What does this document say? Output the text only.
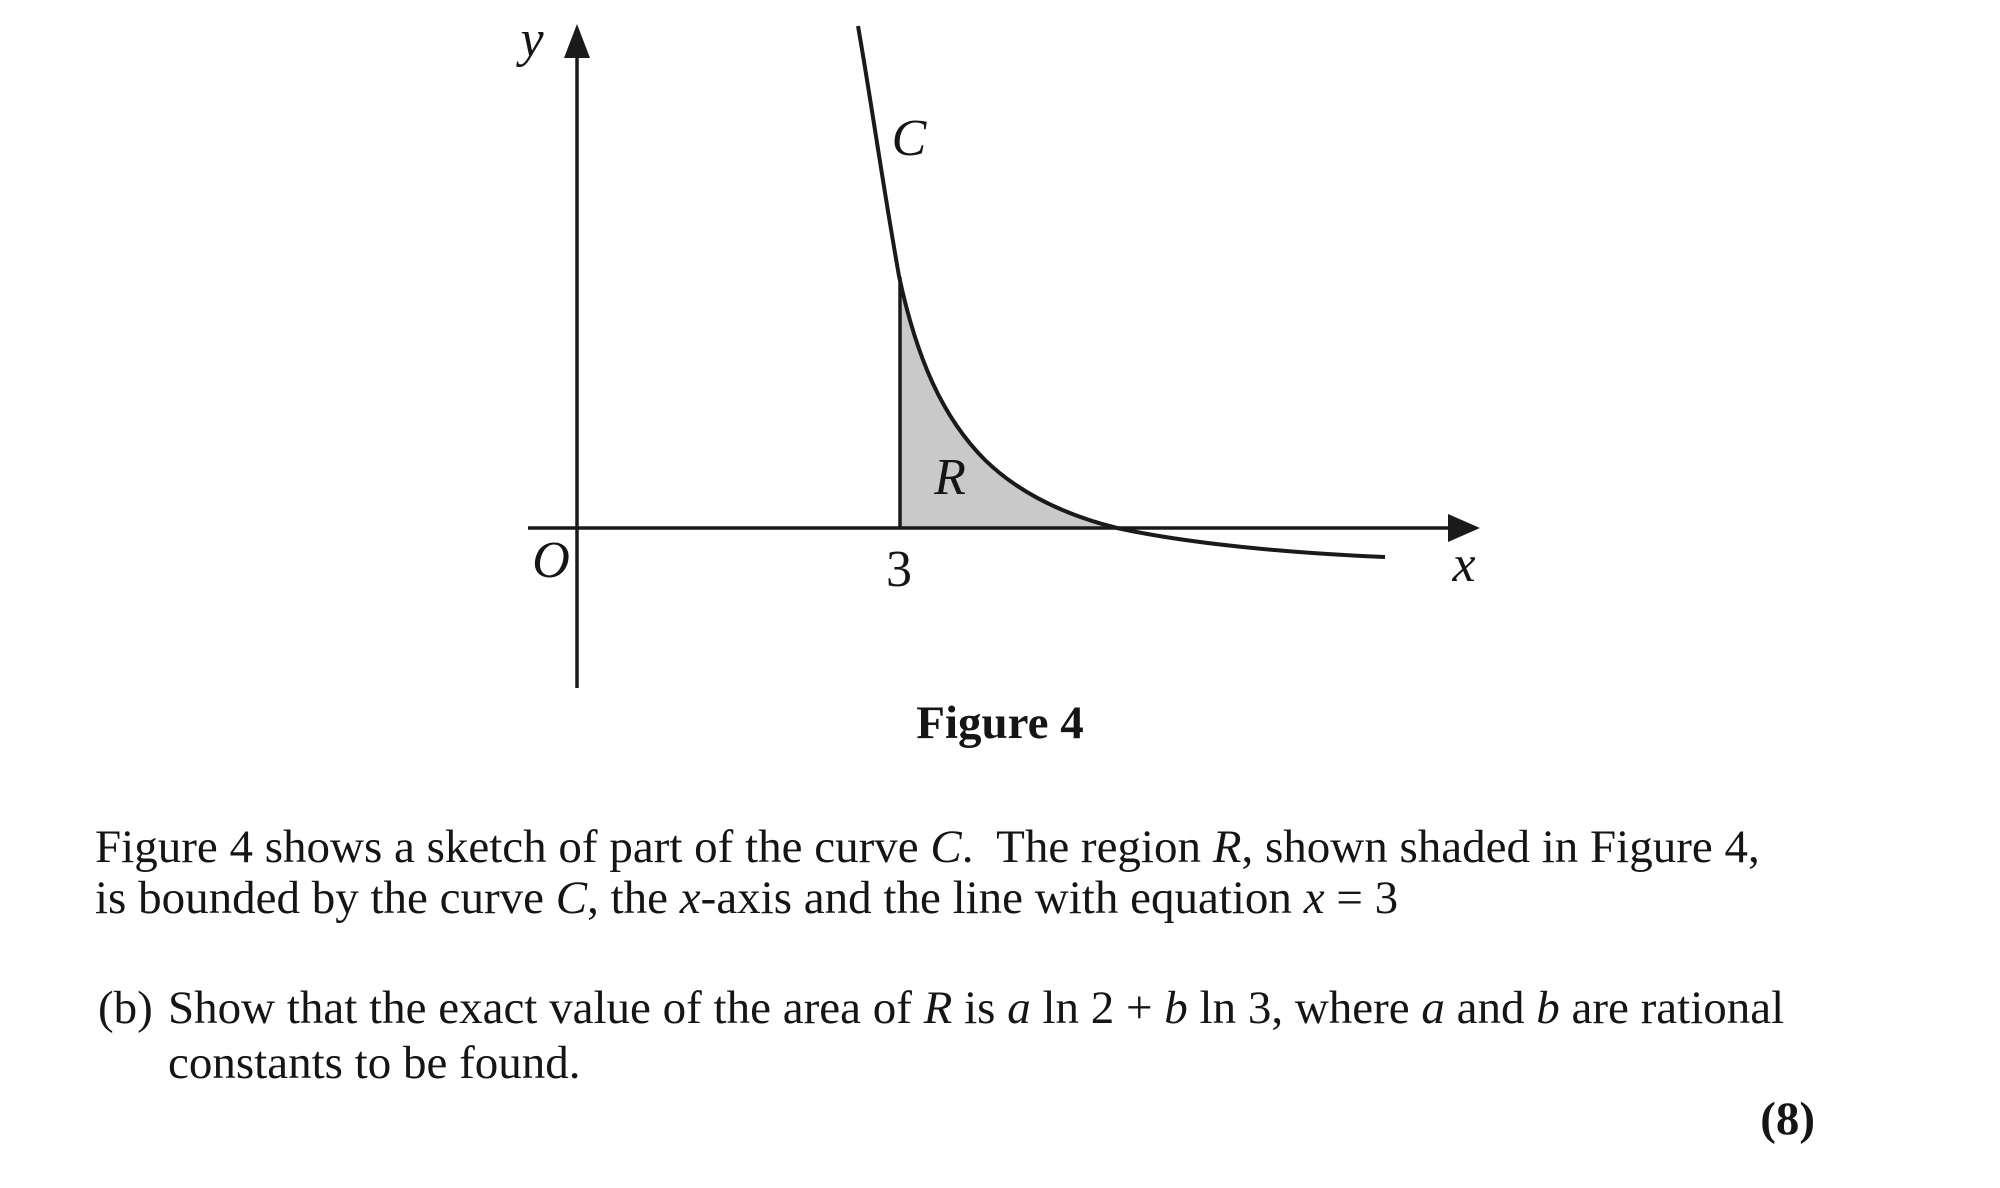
y
x
O	3
C
R
Figure 4
Figure 4 shows a sketch of part of the curve C.  The region R, shown shaded in Figure 4,
is bounded by the curve C, the x-axis and the line with equation x = 3
(b) Show that the exact value of the area of R is a ln 2 + b ln 3, where a and b are rational
constants to be found.
(8)
